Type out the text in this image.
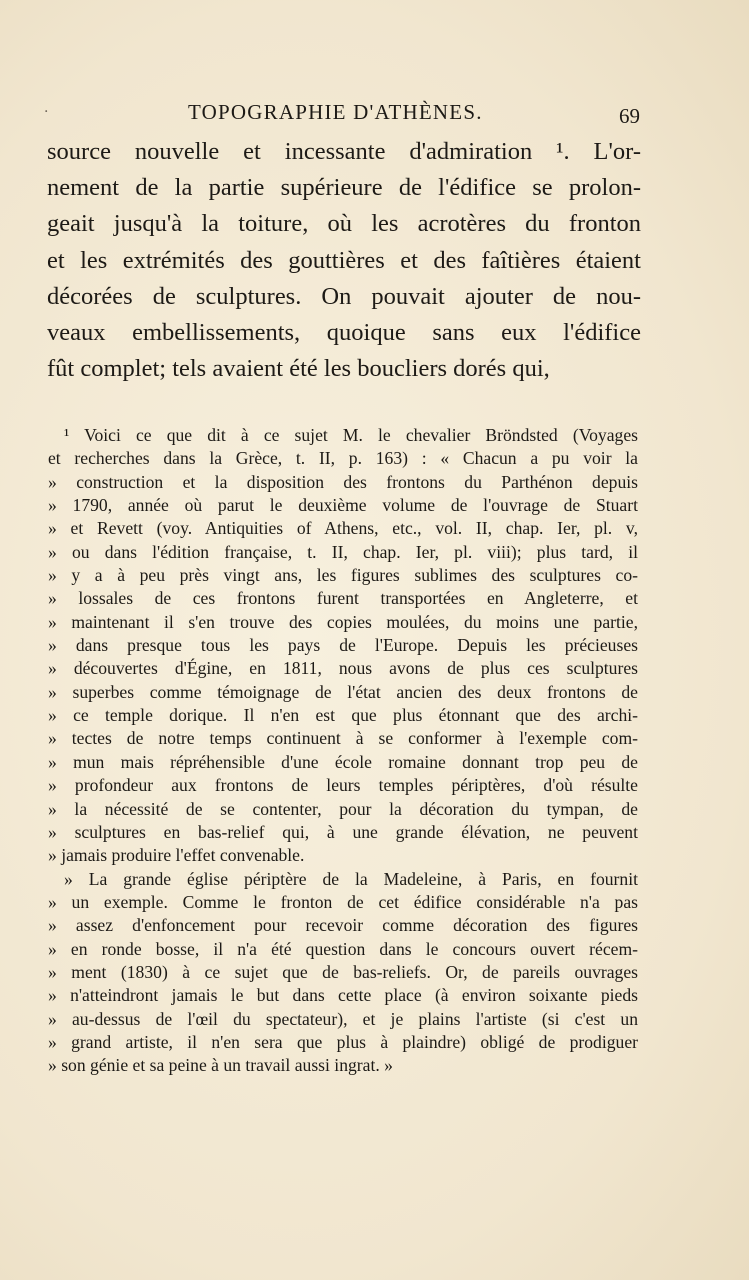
TOPOGRAPHIE D'ATHÈNES.	69
source nouvelle et incessante d'admiration ¹. L'or-
nement de la partie supérieure de l'édifice se prolon-
geait jusqu'à la toiture, où les acrotères du fronton
et les extrémités des gouttières et des faîtières étaient
décorées de sculptures. On pouvait ajouter de nou-
veaux embellissements, quoique sans eux l'édifice
fût complet; tels avaient été les boucliers dorés qui,
¹ Voici ce que dit à ce sujet M. le chevalier Bröndsted (Voyages
et recherches dans la Grèce, t. II, p. 163) : « Chacun a pu voir la
» construction et la disposition des frontons du Parthénon depuis
» 1790, année où parut le deuxième volume de l'ouvrage de Stuart
» et Revett (voy. Antiquities of Athens, etc., vol. II, chap. Ier, pl. v,
» ou dans l'édition française, t. II, chap. Ier, pl. viii); plus tard, il
» y a à peu près vingt ans, les figures sublimes des sculptures co-
» lossales de ces frontons furent transportées en Angleterre, et
» maintenant il s'en trouve des copies moulées, du moins une partie,
» dans presque tous les pays de l'Europe. Depuis les précieuses
» découvertes d'Égine, en 1811, nous avons de plus ces sculptures
» superbes comme témoignage de l'état ancien des deux frontons de
» ce temple dorique. Il n'en est que plus étonnant que des archi-
» tectes de notre temps continuent à se conformer à l'exemple com-
» mun mais répréhensible d'une école romaine donnant trop peu de
» profondeur aux frontons de leurs temples périptères, d'où résulte
» la nécessité de se contenter, pour la décoration du tympan, de
» sculptures en bas-relief qui, à une grande élévation, ne peuvent
» jamais produire l'effet convenable.
» La grande église périptère de la Madeleine, à Paris, en fournit
» un exemple. Comme le fronton de cet édifice considérable n'a pas
» assez d'enfoncement pour recevoir comme décoration des figures
» en ronde bosse, il n'a été question dans le concours ouvert récem-
» ment (1830) à ce sujet que de bas-reliefs. Or, de pareils ouvrages
» n'atteindront jamais le but dans cette place (à environ soixante pieds
» au-dessus de l'œil du spectateur), et je plains l'artiste (si c'est un
» grand artiste, il n'en sera que plus à plaindre) obligé de prodiguer
» son génie et sa peine à un travail aussi ingrat. »
·
